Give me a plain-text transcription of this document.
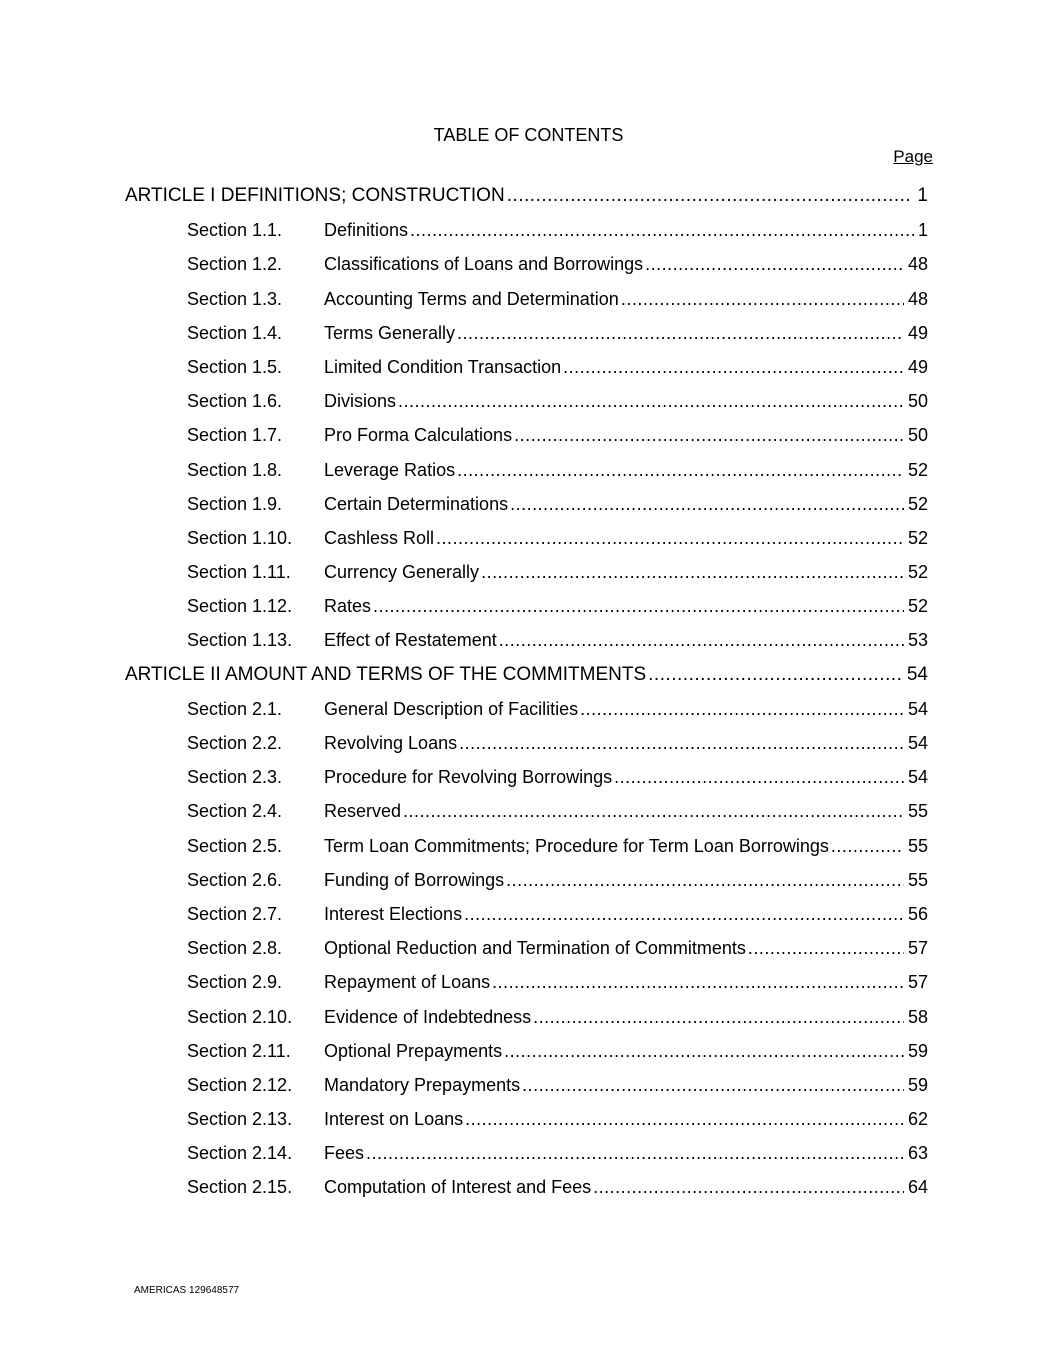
TABLE OF CONTENTS
Page
ARTICLE I DEFINITIONS; CONSTRUCTION .....	1
Section 1.1.	Definitions .....	1
Section 1.2.	Classifications of Loans and Borrowings .....	48
Section 1.3.	Accounting Terms and Determination .....	48
Section 1.4.	Terms Generally .....	49
Section 1.5.	Limited Condition Transaction .....	49
Section 1.6.	Divisions .....	50
Section 1.7.	Pro Forma Calculations .....	50
Section 1.8.	Leverage Ratios .....	52
Section 1.9.	Certain Determinations .....	52
Section 1.10.	Cashless Roll .....	52
Section 1.11.	Currency Generally .....	52
Section 1.12.	Rates .....	52
Section 1.13.	Effect of Restatement .....	53
ARTICLE II AMOUNT AND TERMS OF THE COMMITMENTS .....	54
Section 2.1.	General Description of Facilities .....	54
Section 2.2.	Revolving Loans .....	54
Section 2.3.	Procedure for Revolving Borrowings .....	54
Section 2.4.	Reserved .....	55
Section 2.5.	Term Loan Commitments; Procedure for Term Loan Borrowings .....	55
Section 2.6.	Funding of Borrowings .....	55
Section 2.7.	Interest Elections .....	56
Section 2.8.	Optional Reduction and Termination of Commitments .....	57
Section 2.9.	Repayment of Loans .....	57
Section 2.10.	Evidence of Indebtedness .....	58
Section 2.11.	Optional Prepayments .....	59
Section 2.12.	Mandatory Prepayments .....	59
Section 2.13.	Interest on Loans .....	62
Section 2.14.	Fees .....	63
Section 2.15.	Computation of Interest and Fees .....	64
AMERICAS 129648577
